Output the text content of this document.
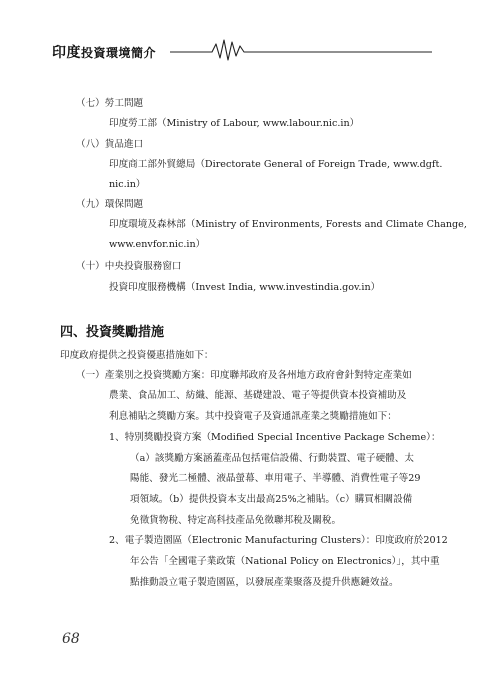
印度投資環境簡介
（七）勞工問題
印度勞工部（Ministry of Labour, www.labour.nic.in）
（八）貨品進口
印度商工部外貿總局（Directorate General of Foreign Trade, www.dgft.
nic.in）
（九）環保問題
印度環境及森林部（Ministry of Environments, Forests and Climate Change,
www.envfor.nic.in）
（十）中央投資服務窗口
投資印度服務機構（Invest India, www.investindia.gov.in）
四、投資獎勵措施
印度政府提供之投資優惠措施如下：
（一）產業別之投資獎勵方案：印度聯邦政府及各州地方政府會針對特定產業如
農業、食品加工、紡織、能源、基礎建設、電子等提供資本投資補助及
利息補貼之獎勵方案。其中投資電子及資通訊產業之獎勵措施如下：
1、特別獎勵投資方案（Modified Special Incentive Package Scheme）：
（a）該獎勵方案涵蓋產品包括電信設備、行動裝置、電子硬體、太
陽能、發光二極體、液晶螢幕、車用電子、半導體、消費性電子等29
項領域。（b）提供投資本支出最高25%之補貼。（c）購買相關設備
免徵貨物稅、特定高科技產品免徵聯邦稅及關稅。
2、電子製造園區（Electronic Manufacturing Clusters）：印度政府於2012
年公告「全國電子業政策（National Policy on Electronics）」，其中重
點推動設立電子製造園區，以發展產業聚落及提升供應鏈效益。
68
